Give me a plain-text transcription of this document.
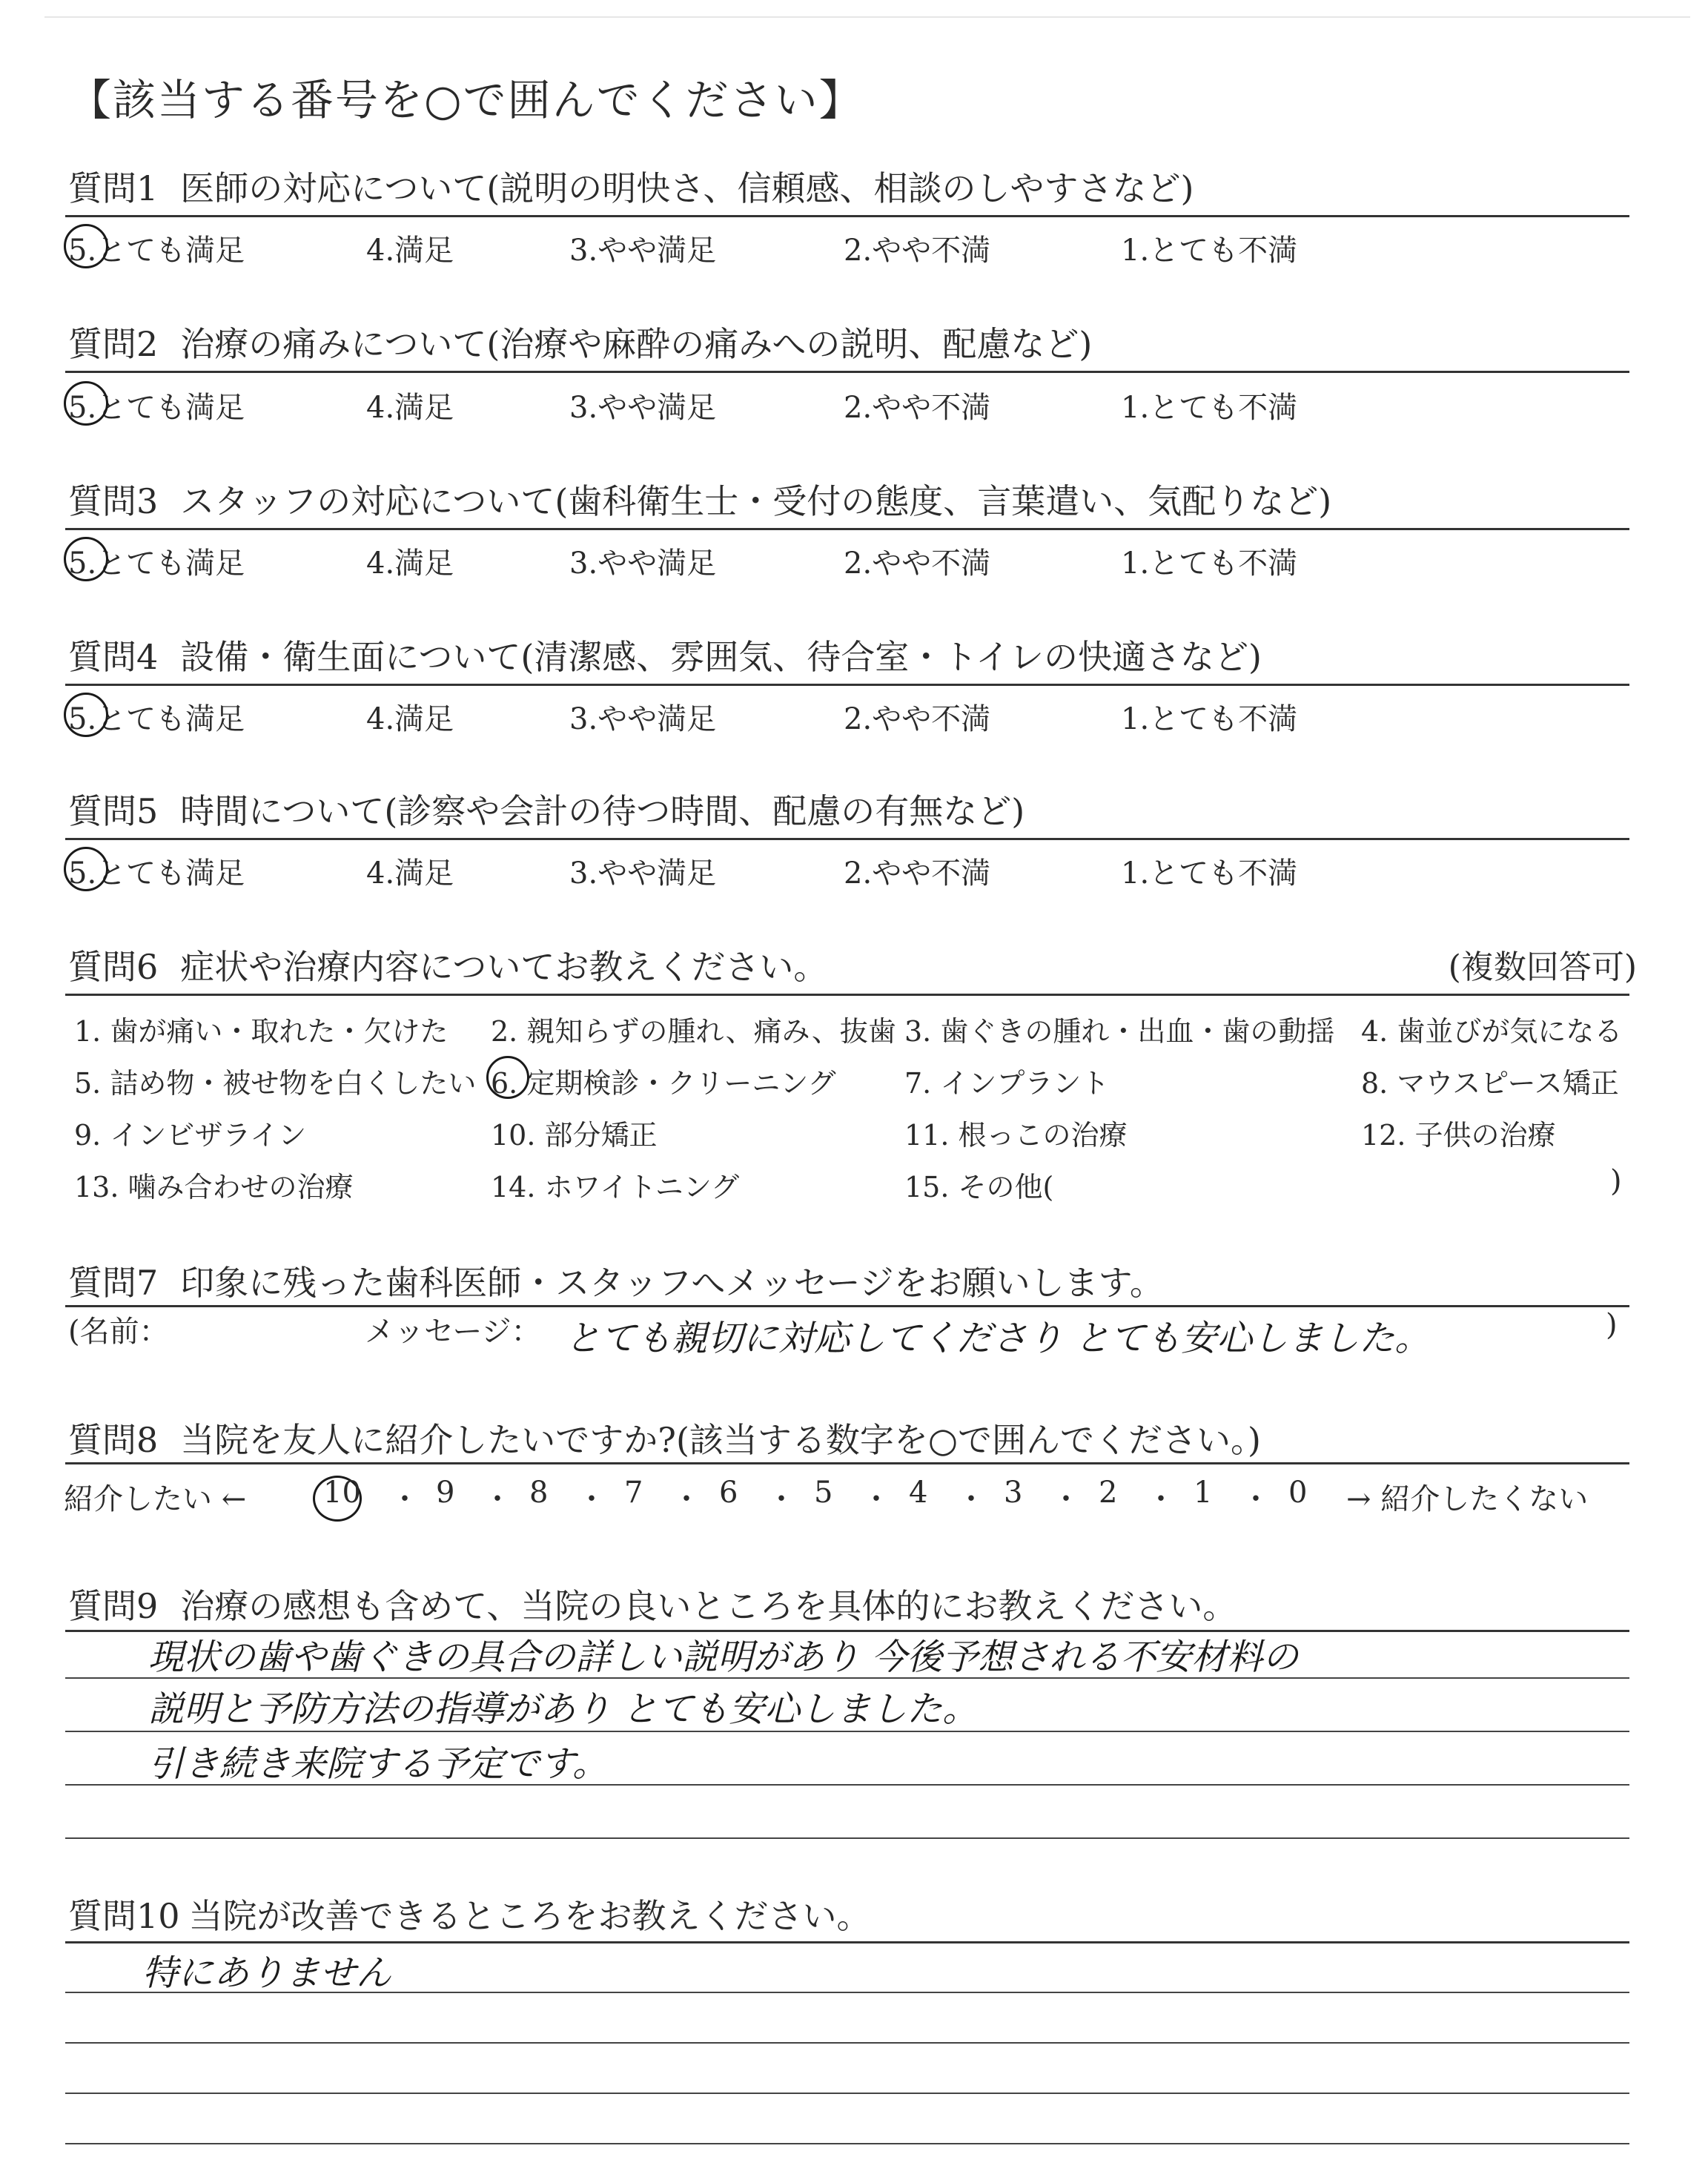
【該当する番号を○で囲んでください】
質問1 医師の対応について(説明の明快さ、信頼感、相談のしやすさなど)
5.とても満足	4.満足	3.やや満足	2.やや不満	1.とても不満
質問2 治療の痛みについて(治療や麻酔の痛みへの説明、配慮など)
5.とても満足	4.満足	3.やや満足	2.やや不満	1.とても不満
質問3 スタッフの対応について(歯科衛生士・受付の態度、言葉遣い、気配りなど)
5.とても満足	4.満足	3.やや満足	2.やや不満	1.とても不満
質問4 設備・衛生面について(清潔感、雰囲気、待合室・トイレの快適さなど)
5.とても満足	4.満足	3.やや満足	2.やや不満	1.とても不満
質問5 時間について(診察や会計の待つ時間、配慮の有無など)
5.とても満足	4.満足	3.やや満足	2.やや不満	1.とても不満
質問6 症状や治療内容についてお教えください。	(複数回答可)
1. 歯が痛い・取れた・欠けた 2. 親知らずの腫れ、痛み、抜歯 3. 歯ぐきの腫れ・出血・歯の動揺 4. 歯並びが気になる
5. 詰め物・被せ物を白くしたい 6. 定期検診・クリーニング 7. インプラント	8. マウスピース矯正
9. インビザライン	10. 部分矯正	11. 根っこの治療	12. 子供の治療
13. 噛み合わせの治療	14. ホワイトニング	15. その他(	)
質問7 印象に残った歯科医師・スタッフへメッセージをお願いします。
(名前：	メッセージ： とても親切に対応してくださり とても安心しました。	)
質問8 当院を友人に紹介したいですか?(該当する数字を○で囲んでください。)
紹介したい ←	10 ・ 9 ・ 8 ・ 7 ・ 6 ・ 5 ・ 4 ・ 3 ・ 2 ・ 1 ・ 0 → 紹介したくない
質問9 治療の感想も含めて、当院の良いところを具体的にお教えください。
現状の歯や歯ぐきの具合の詳しい説明があり 今後予想される不安材料の
説明と予防方法の指導があり とても安心しました。
引き続き来院する予定です。
質問10 当院が改善できるところをお教えください。
特にありません
